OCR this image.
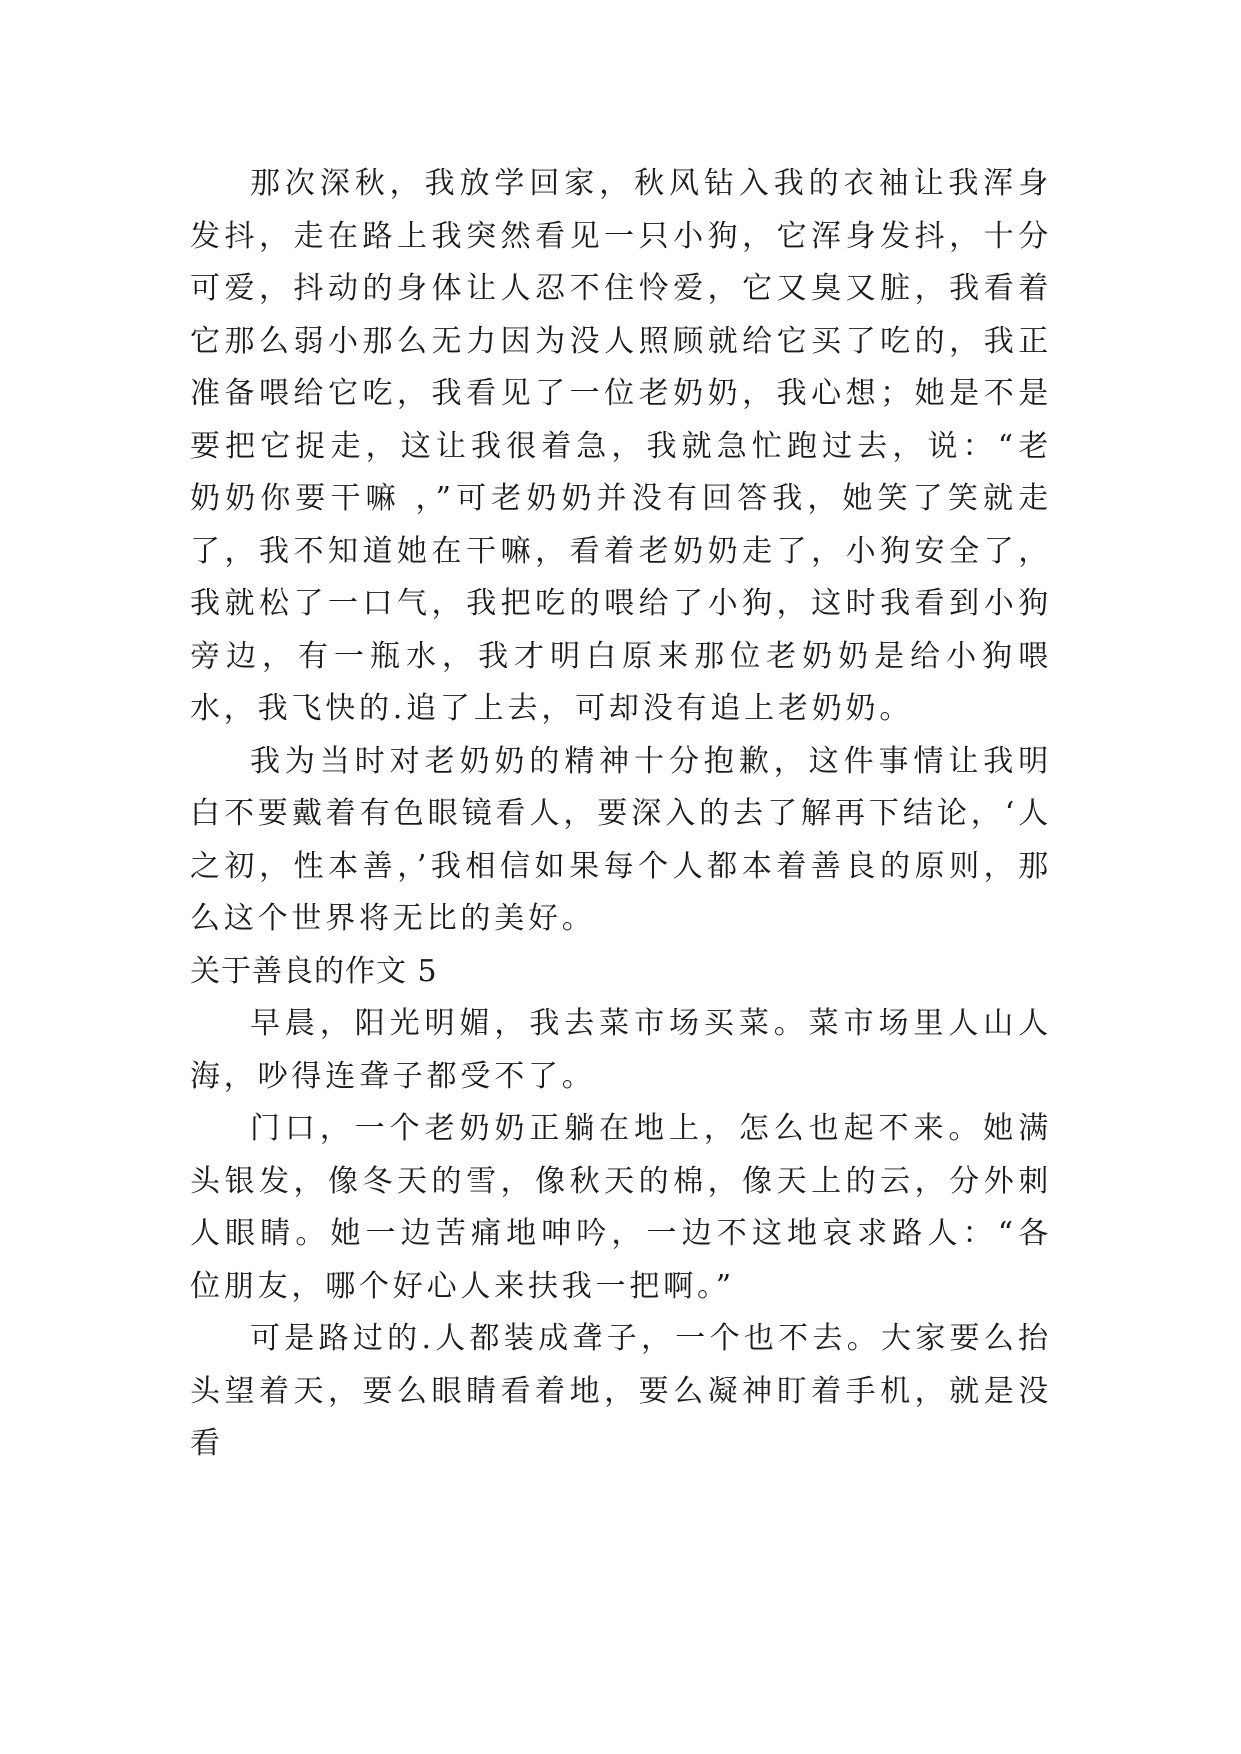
那次深秋，我放学回家，秋风钻入我的衣袖让我浑身发抖，走在路上我突然看见一只小狗，它浑身发抖，十分可爱，抖动的身体让人忍不住怜爱，它又臭又脏，我看着它那么弱小那么无力因为没人照顾就给它买了吃的，我正准备喂给它吃，我看见了一位老奶奶，我心想；她是不是要把它捉走，这让我很着急，我就急忙跑过去，说：“老奶奶你要干嘛 ，”可老奶奶并没有回答我，她笑了笑就走了，我不知道她在干嘛，看着老奶奶走了，小狗安全了，我就松了一口气，我把吃的喂给了小狗，这时我看到小狗旁边，有一瓶水，我才明白原来那位老奶奶是给小狗喂水，我飞快的.追了上去，可却没有追上老奶奶。

我为当时对老奶奶的精神十分抱歉，这件事情让我明白不要戴着有色眼镜看人，要深入的去了解再下结论，‘人之初，性本善，’我相信如果每个人都本着善良的原则，那么这个世界将无比的美好。

关于善良的作文 5

早晨，阳光明媚，我去菜市场买菜。菜市场里人山人海，吵得连聋子都受不了。

门口，一个老奶奶正躺在地上，怎么也起不来。她满头银发，像冬天的雪，像秋天的棉，像天上的云，分外刺人眼睛。她一边苦痛地呻吟，一边不这地哀求路人：“各位朋友，哪个好心人来扶我一把啊。”

可是路过的.人都装成聋子，一个也不去。大家要么抬头望着天，要么眼睛看着地，要么凝神盯着手机，就是没看
